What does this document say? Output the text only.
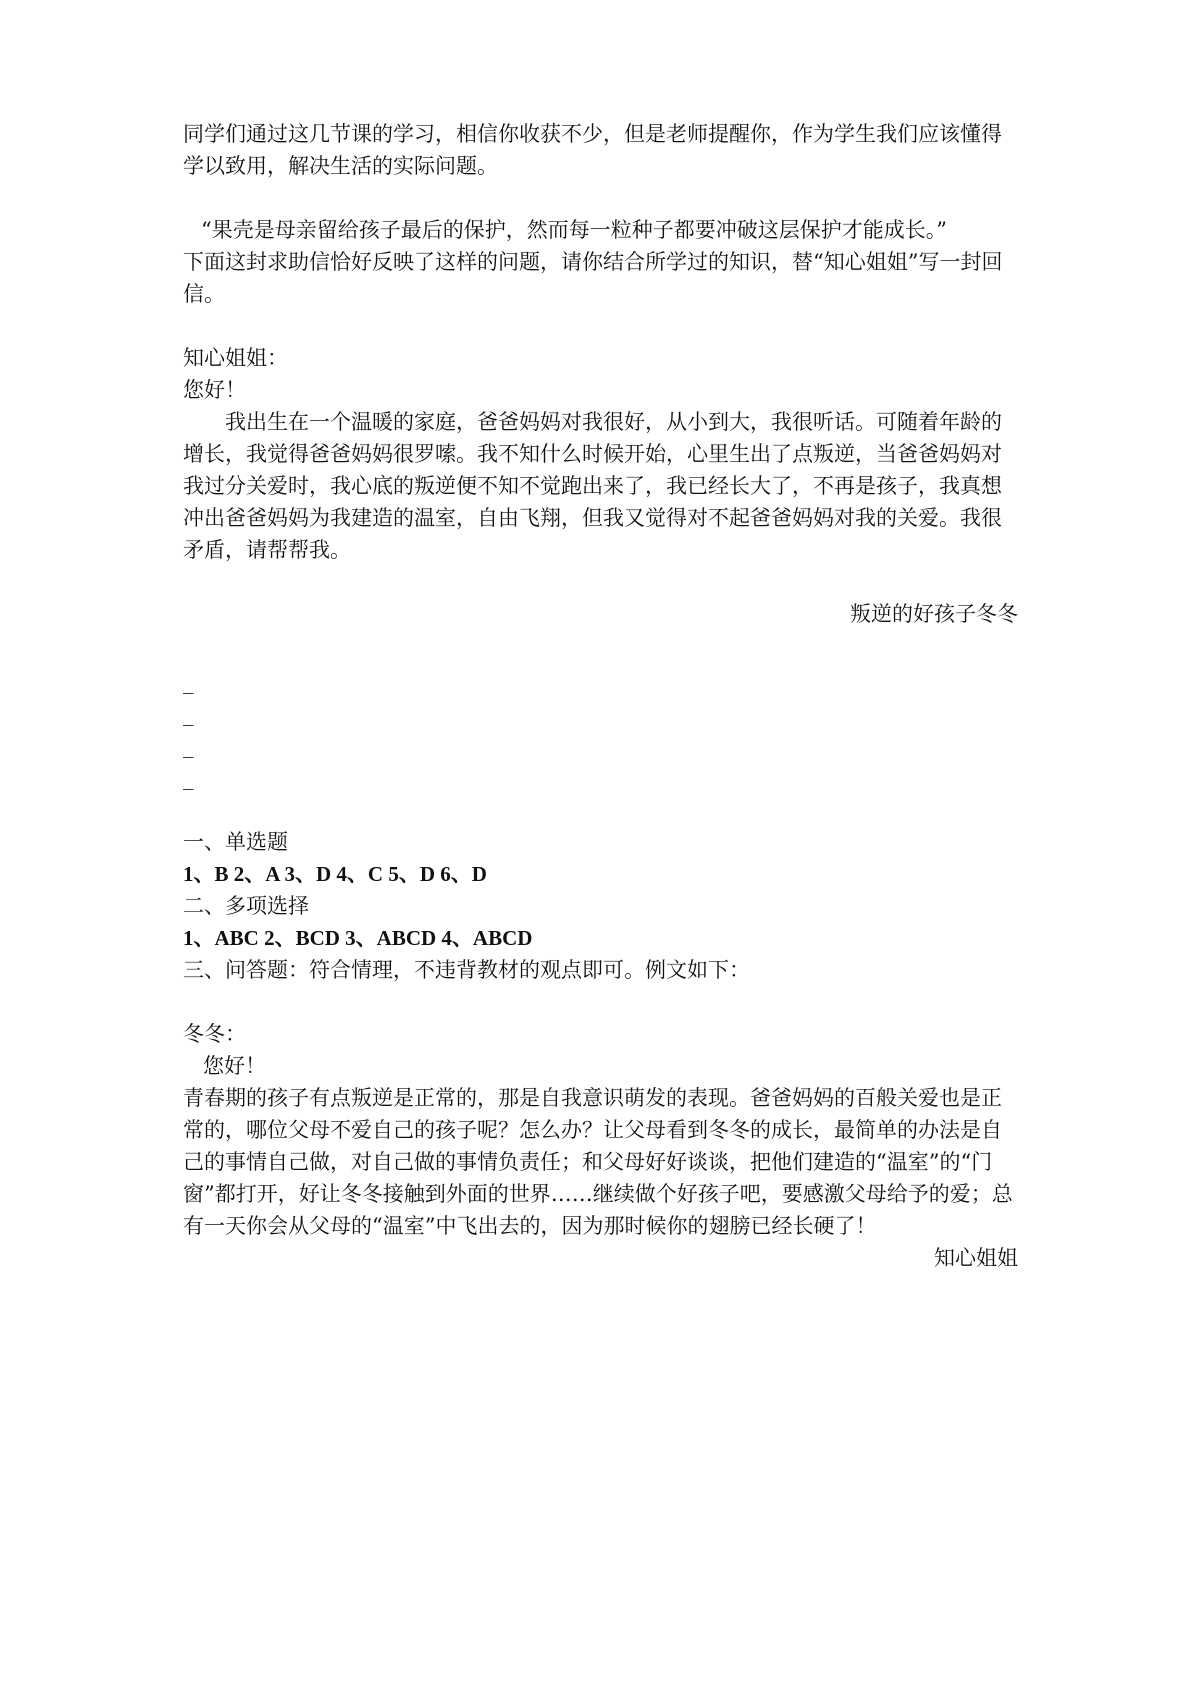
同学们通过这几节课的学习，相信你收获不少，但是老师提醒你，作为学生我们应该懂得学以致用，解决生活的实际问题。

“果壳是母亲留给孩子最后的保护，然而每一粒种子都要冲破这层保护才能成长。”

下面这封求助信恰好反映了这样的问题，请你结合所学过的知识，替“知心姐姐”写一封回信。

知心姐姐：

您好！

我出生在一个温暖的家庭，爸爸妈妈对我很好，从小到大，我很听话。可随着年龄的增长，我觉得爸爸妈妈很罗嗦。我不知什么时候开始，心里生出了点叛逆，当爸爸妈妈对我过分关爱时，我心底的叛逆便不知不觉跑出来了，我已经长大了，不再是孩子，我真想冲出爸爸妈妈为我建造的温室，自由飞翔，但我又觉得对不起爸爸妈妈对我的关爱。我很矛盾，请帮帮我。

叛逆的好孩子冬冬

_

_

_

_

一、单选题

1、B 2、A 3、D 4、C 5、D 6、D

二、多项选择

1、ABC 2、BCD 3、ABCD 4、ABCD

三、问答题：符合情理，不违背教材的观点即可。例文如下：

冬冬：

您好！

青春期的孩子有点叛逆是正常的，那是自我意识萌发的表现。爸爸妈妈的百般关爱也是正常的，哪位父母不爱自己的孩子呢？怎么办？让父母看到冬冬的成长，最简单的办法是自己的事情自己做，对自己做的事情负责任；和父母好好谈谈，把他们建造的“温室”的“门窗”都打开，好让冬冬接触到外面的世界……继续做个好孩子吧，要感激父母给予的爱；总有一天你会从父母的“温室”中飞出去的，因为那时候你的翅膀已经长硬了！

知心姐姐
